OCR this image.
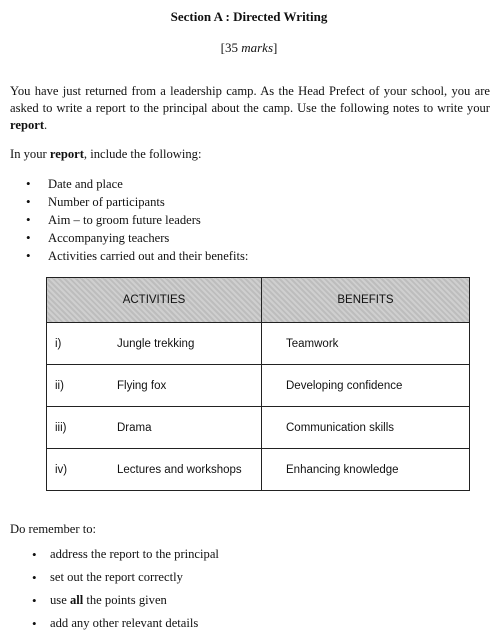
Section A : Directed Writing
[35 marks]
You have just returned from a leadership camp. As the Head Prefect of your school, you are asked to write a report to the principal about the camp. Use the following notes to write your report.
In your report, include the following:
• Date and place
• Number of participants
• Aim – to groom future leaders
• Accompanying teachers
• Activities carried out and their benefits:
ACTIVITIES	BENEFITS
i) Jungle trekking	Teamwork
ii) Flying fox	Developing confidence
iii) Drama	Communication skills
iv) Lectures and workshops	Enhancing knowledge
Do remember to:
• address the report to the principal
• set out the report correctly
• use all the points given
• add any other relevant details
